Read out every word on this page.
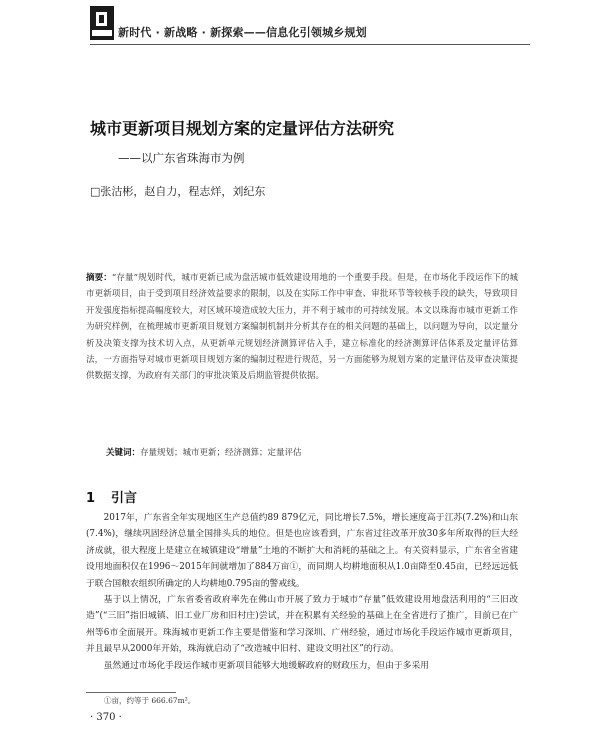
新时代 · 新战略 · 新探索——信息化引领城乡规划
城市更新项目规划方案的定量评估方法研究
——以广东省珠海市为例
□张沽彬，赵自力，程志烊，刘纪东
摘要：“存量”规划时代，城市更新已成为盘活城市低效建设用地的一个重要手段。但是，在市场化手段运作下的城市更新项目，由于受到项目经济效益要求的限制，以及在实际工作中审查、审批环节等较核手段的缺失，导致项目开发强度指标提高幅度较大，对区域环境造成较大压力，并不利于城市的可持续发展。本文以珠海市城市更新工作为研究样例，在梳理城市更新项目规划方案编制机制并分析其存在的相关问题的基础上，以问题为导向，以定量分析及决策支撑为技术切入点，从更新单元规划经济测算评估入手，建立标准化的经济测算评估体系及定量评估算法，一方面指导对城市更新项目规划方案的编制过程进行规范，另一方面能够为规划方案的定量评估及审查决策提供数据支撑，为政府有关部门的审批决策及后期监管提供依据。
关键词：存量规划；城市更新；经济测算；定量评估
1 引言

2017年，广东省全年实现地区生产总值约89 879亿元，同比增长7.5%，增长速度高于江苏(7.2%)和山东(7.4%)，继续巩固经济总量全国排头兵的地位。但是也应该看到，广东省过往改革开放30多年所取得的巨大经济成就，很大程度上是建立在城镇建设“增量”土地的不断扩大和消耗的基础之上。有关资料显示，广东省全省建设用地面积仅在1996～2015年间就增加了884万亩①，而同期人均耕地面积从1.0亩降至0.45亩，已经远远低于联合国粮农组织所确定的人均耕地0.795亩的警戒线。

基于以上情况，广东省委省政府率先在佛山市开展了致力于城市“存量”低效建设用地盘活利用的“三旧改造”(“三旧”指旧城镇、旧工业厂房和旧村庄)尝试，并在积累有关经验的基础上在全省进行了推广，目前已在广州等6市全面展开。珠海城市更新工作主要是借鉴和学习深圳、广州经验，通过市场化手段运作城市更新项目，并且最早从2000年开始，珠海就启动了“改造城中旧村、建设文明社区”的行动。

虽然通过市场化手段运作城市更新项目能够大地缓解政府的财政压力，但由于多采用

①亩，约等于 666.67m²。
· 370 ·
